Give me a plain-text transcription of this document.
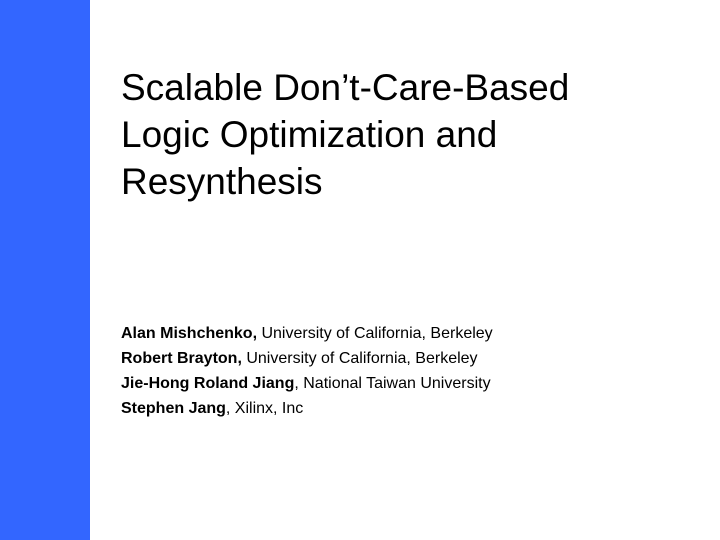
Scalable Don’t-Care-Based
Logic Optimization and
Resynthesis
Alan Mishchenko, University of California, Berkeley
Robert Brayton, University of California, Berkeley
Jie-Hong Roland Jiang, National Taiwan University
Stephen Jang, Xilinx, Inc
